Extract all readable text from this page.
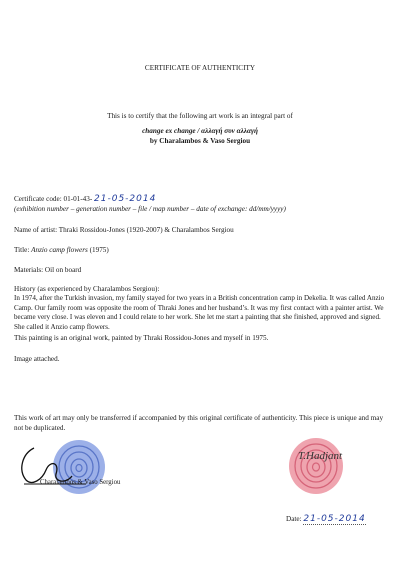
CERTIFICATE OF AUTHENTICITY
This is to certify that the following art work is an integral part of
change ex change / αλλαγή συν αλλαγή
by Charalambos & Vaso Sergiou
Certificate code: 01-01-43- 21-05-2014
(exhibition number – generation number – file / map number – date of exchange: dd/mm/yyyy)
Name of artist: Thraki Rossidou-Jones (1920-2007) & Charalambos Sergiou
Title: Anzio camp flowers (1975)
Materials: Oil on board
History (as experienced by Charalambos Sergiou):
In 1974, after the Turkish invasion, my family stayed for two years in a British concentration camp in Dekelia. It was called Anzio Camp. Our family room was opposite the room of Thraki Jones and her husband’s. It was my first contact with a painter artist. We became very close. I was eleven and I could relate to her work. She let me start a painting that she finished, approved and signed. She called it Anzio camp flowers.
This painting is an original work, painted by Thraki Rossidou-Jones and myself in 1975.
Image attached.
This work of art may only be transferred if accompanied by this original certificate of authenticity. This piece is unique and may not be duplicated.
T.Hadjant
Charalambos & Vaso Sergiou
Date: 21-05-2014
